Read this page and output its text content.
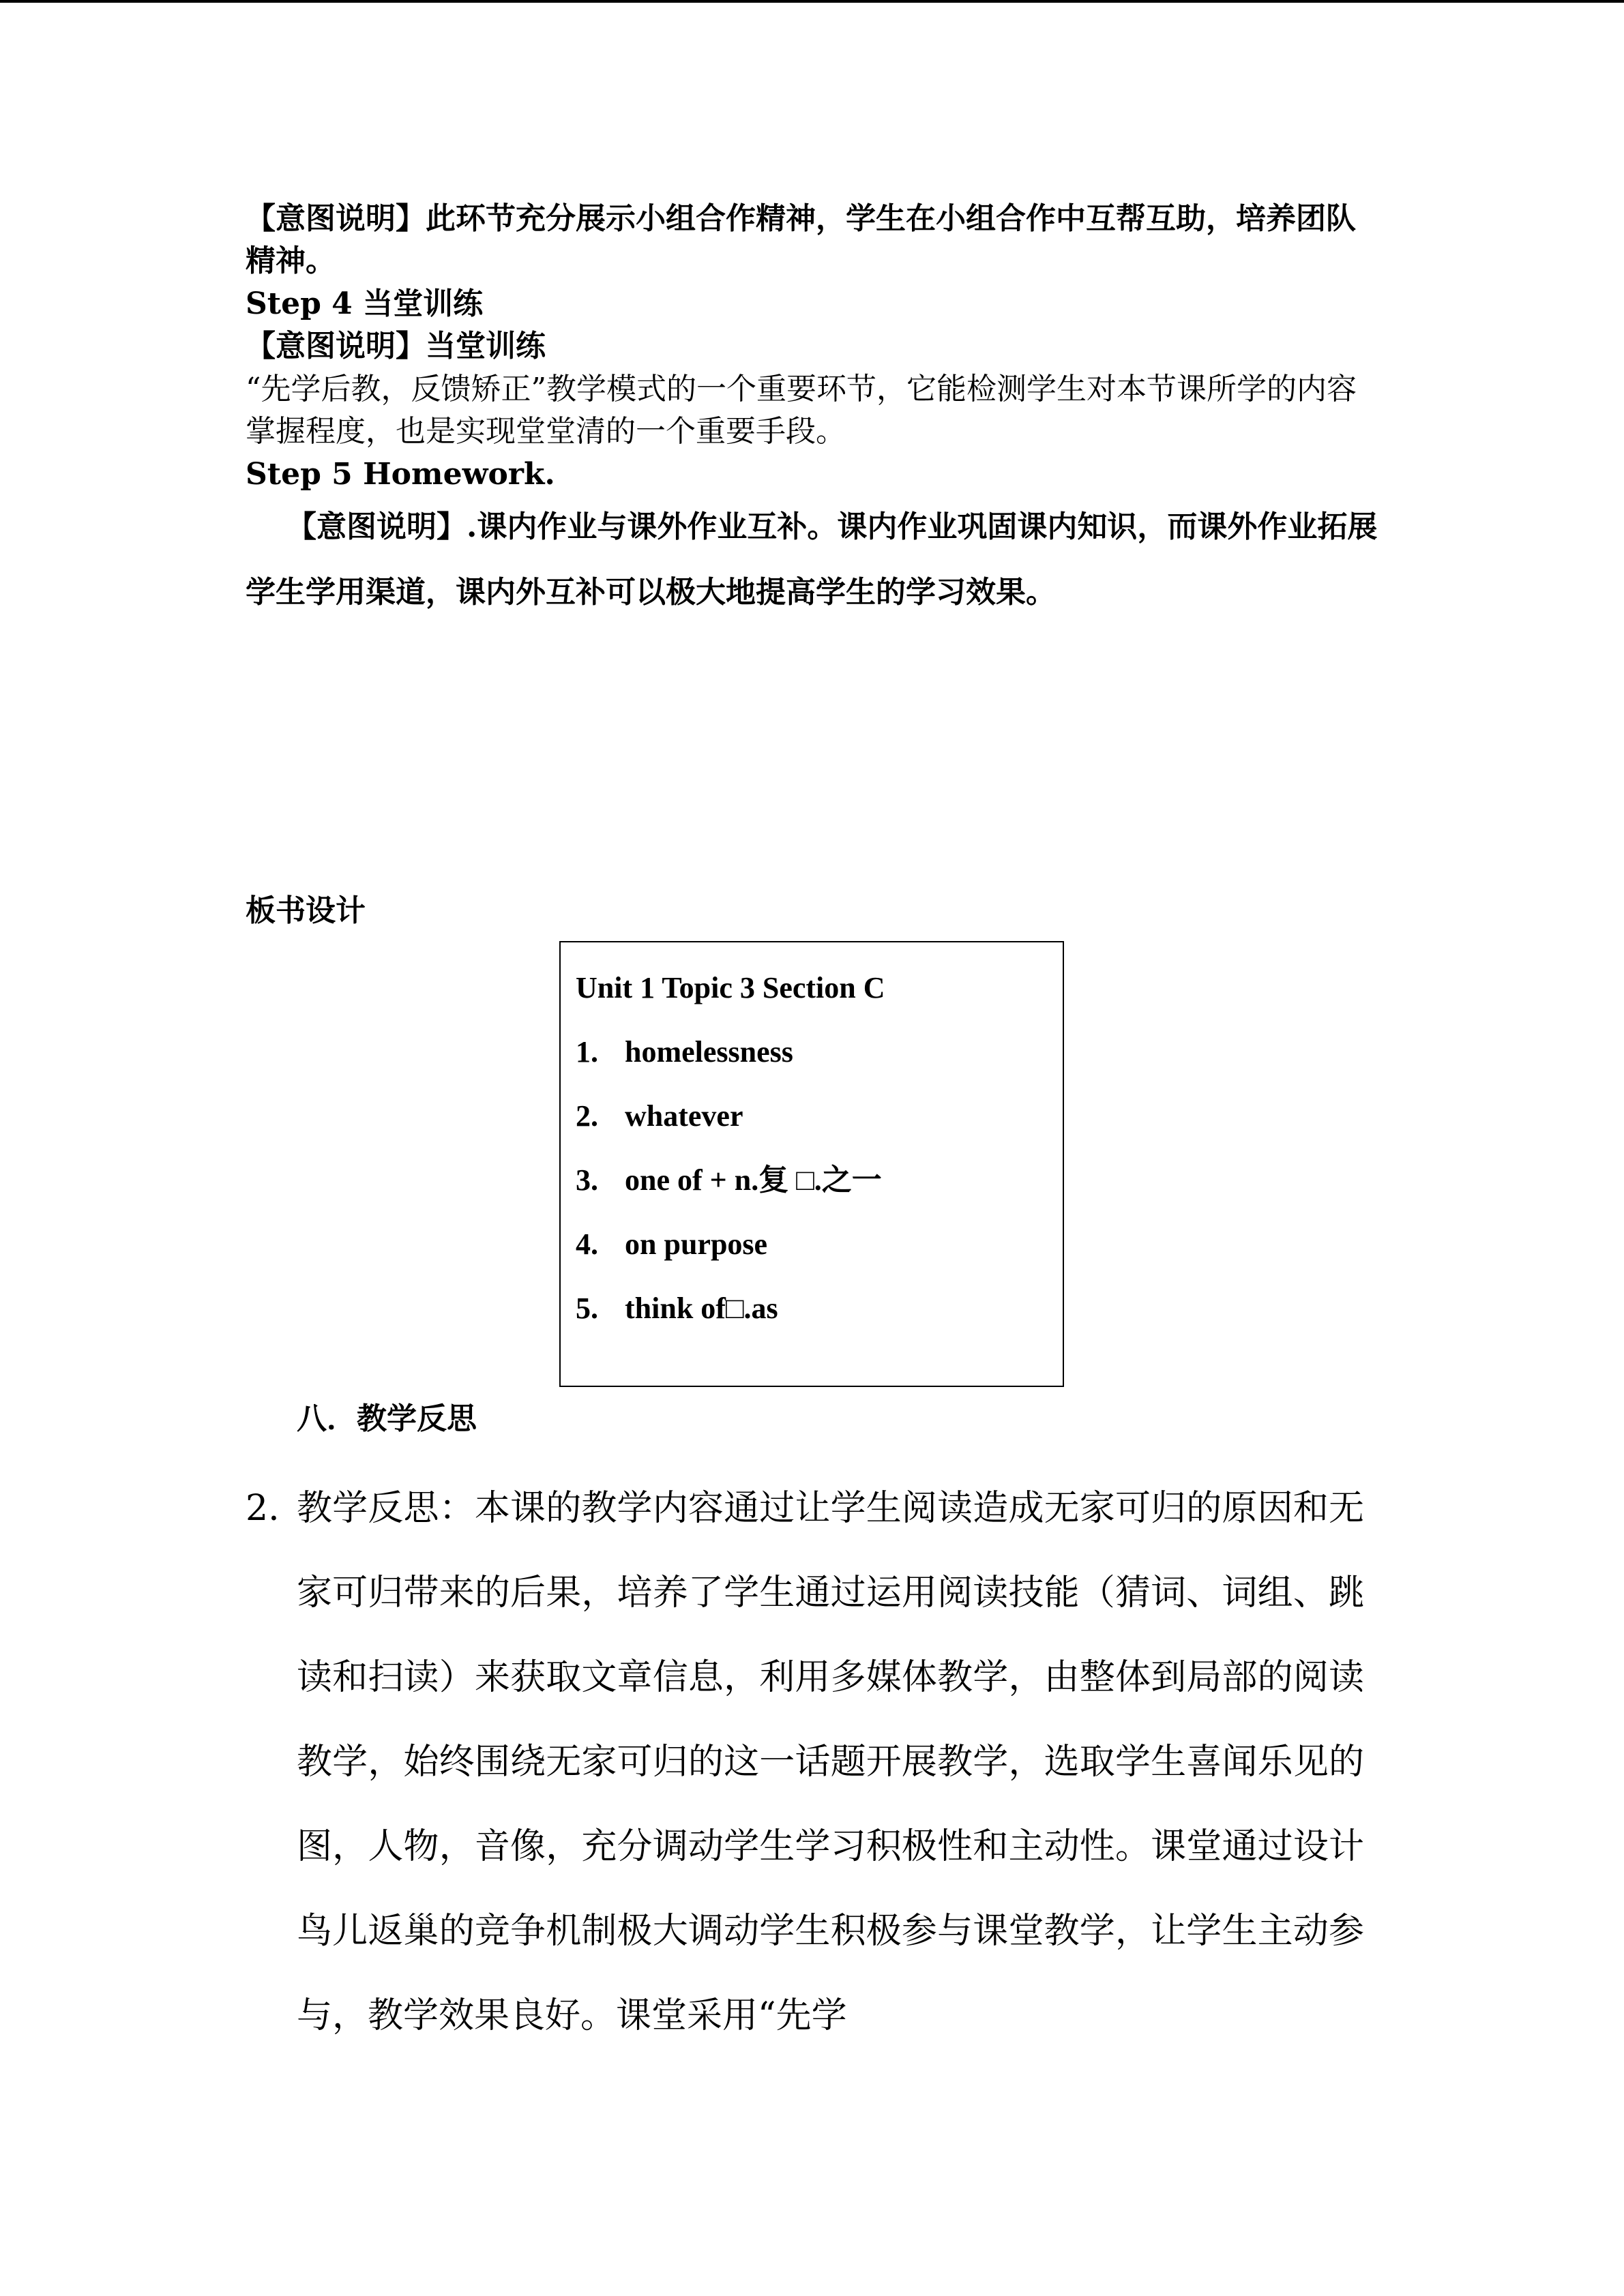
【意图说明】此环节充分展示小组合作精神，学生在小组合作中互帮互助，培养团队精神。
Step 4 当堂训练
【意图说明】当堂训练
“先学后教，反馈矫正”教学模式的一个重要环节，它能检测学生对本节课所学的内容掌握程度，也是实现堂堂清的一个重要手段。
Step 5 Homework.
【意图说明】.课内作业与课外作业互补。课内作业巩固课内知识，而课外作业拓展学生学用渠道，课内外互补可以极大地提高学生的学习效果。
板书设计
Unit 1 Topic 3 Section C
1. homelessness
2. whatever
3. one of + n.复 □.之一
4. on purpose
5. think of□.as
八．教学反思
2. 教学反思：本课的教学内容通过让学生阅读造成无家可归的原因和无家可归带来的后果，培养了学生通过运用阅读技能（猜词、词组、跳读和扫读）来获取文章信息，利用多媒体教学，由整体到局部的阅读教学，始终围绕无家可归的这一话题开展教学，选取学生喜闻乐见的图，人物，音像，充分调动学生学习积极性和主动性。课堂通过设计鸟儿返巢的竞争机制极大调动学生积极参与课堂教学，让学生主动参与，教学效果良好。课堂采用“先学
